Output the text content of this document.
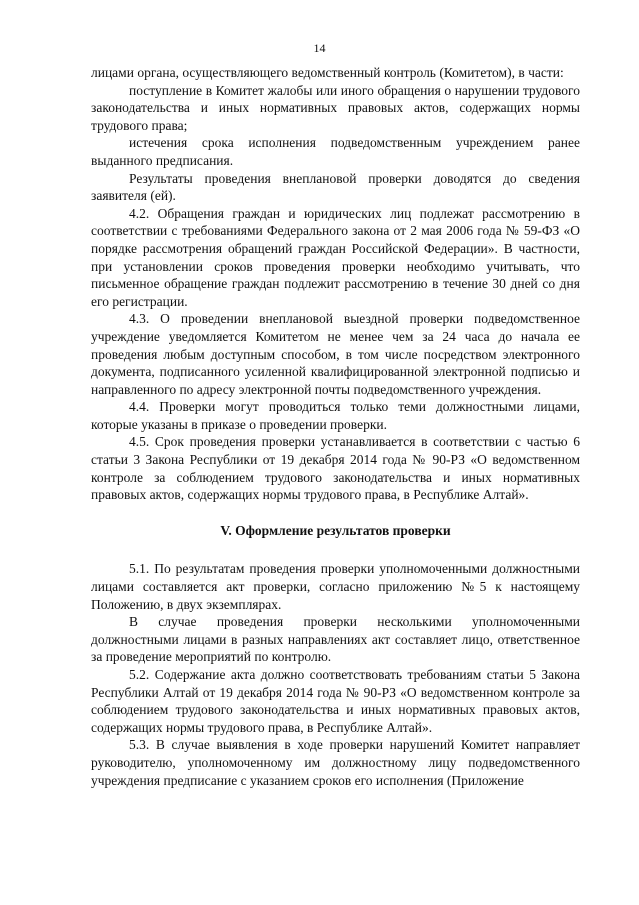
14

лицами органа, осуществляющего ведомственный контроль (Комитетом), в части:

поступление в Комитет жалобы или иного обращения о нарушении трудового законодательства и иных нормативных правовых актов, содержащих нормы трудового права;

истечения срока исполнения подведомственным учреждением ранее выданного предписания.

Результаты проведения внеплановой проверки доводятся до сведения заявителя (ей).

4.2. Обращения граждан и юридических лиц подлежат рассмотрению в соответствии с требованиями Федерального закона от 2 мая 2006 года № 59-ФЗ «О порядке рассмотрения обращений граждан Российской Федерации». В частности, при установлении сроков проведения проверки необходимо учитывать, что письменное обращение граждан подлежит рассмотрению в течение 30 дней со дня его регистрации.

4.3. О проведении внеплановой выездной проверки подведомственное учреждение уведомляется Комитетом не менее чем за 24 часа до начала ее проведения любым доступным способом, в том числе посредством электронного документа, подписанного усиленной квалифицированной электронной подписью и направленного по адресу электронной почты подведомственного учреждения.

4.4. Проверки могут проводиться только теми должностными лицами, которые указаны в приказе о проведении проверки.

4.5. Срок проведения проверки устанавливается в соответствии с частью 6 статьи 3 Закона Республики от 19 декабря 2014 года № 90-РЗ «О ведомственном контроле за соблюдением трудового законодательства и иных нормативных правовых актов, содержащих нормы трудового права, в Республике Алтай».

V. Оформление результатов проверки

5.1. По результатам проведения проверки уполномоченными должностными лицами составляется акт проверки, согласно приложению №5 к настоящему Положению, в двух экземплярах.

В случае проведения проверки несколькими уполномоченными должностными лицами в разных направлениях акт составляет лицо, ответственное за проведение мероприятий по контролю.

5.2. Содержание акта должно соответствовать требованиям статьи 5 Закона Республики Алтай от 19 декабря 2014 года № 90-РЗ «О ведомственном контроле за соблюдением трудового законодательства и иных нормативных правовых актов, содержащих нормы трудового права, в Республике Алтай».

5.3. В случае выявления в ходе проверки нарушений Комитет направляет руководителю, уполномоченному им должностному лицу подведомственного учреждения предписание с указанием сроков его исполнения (Приложение
